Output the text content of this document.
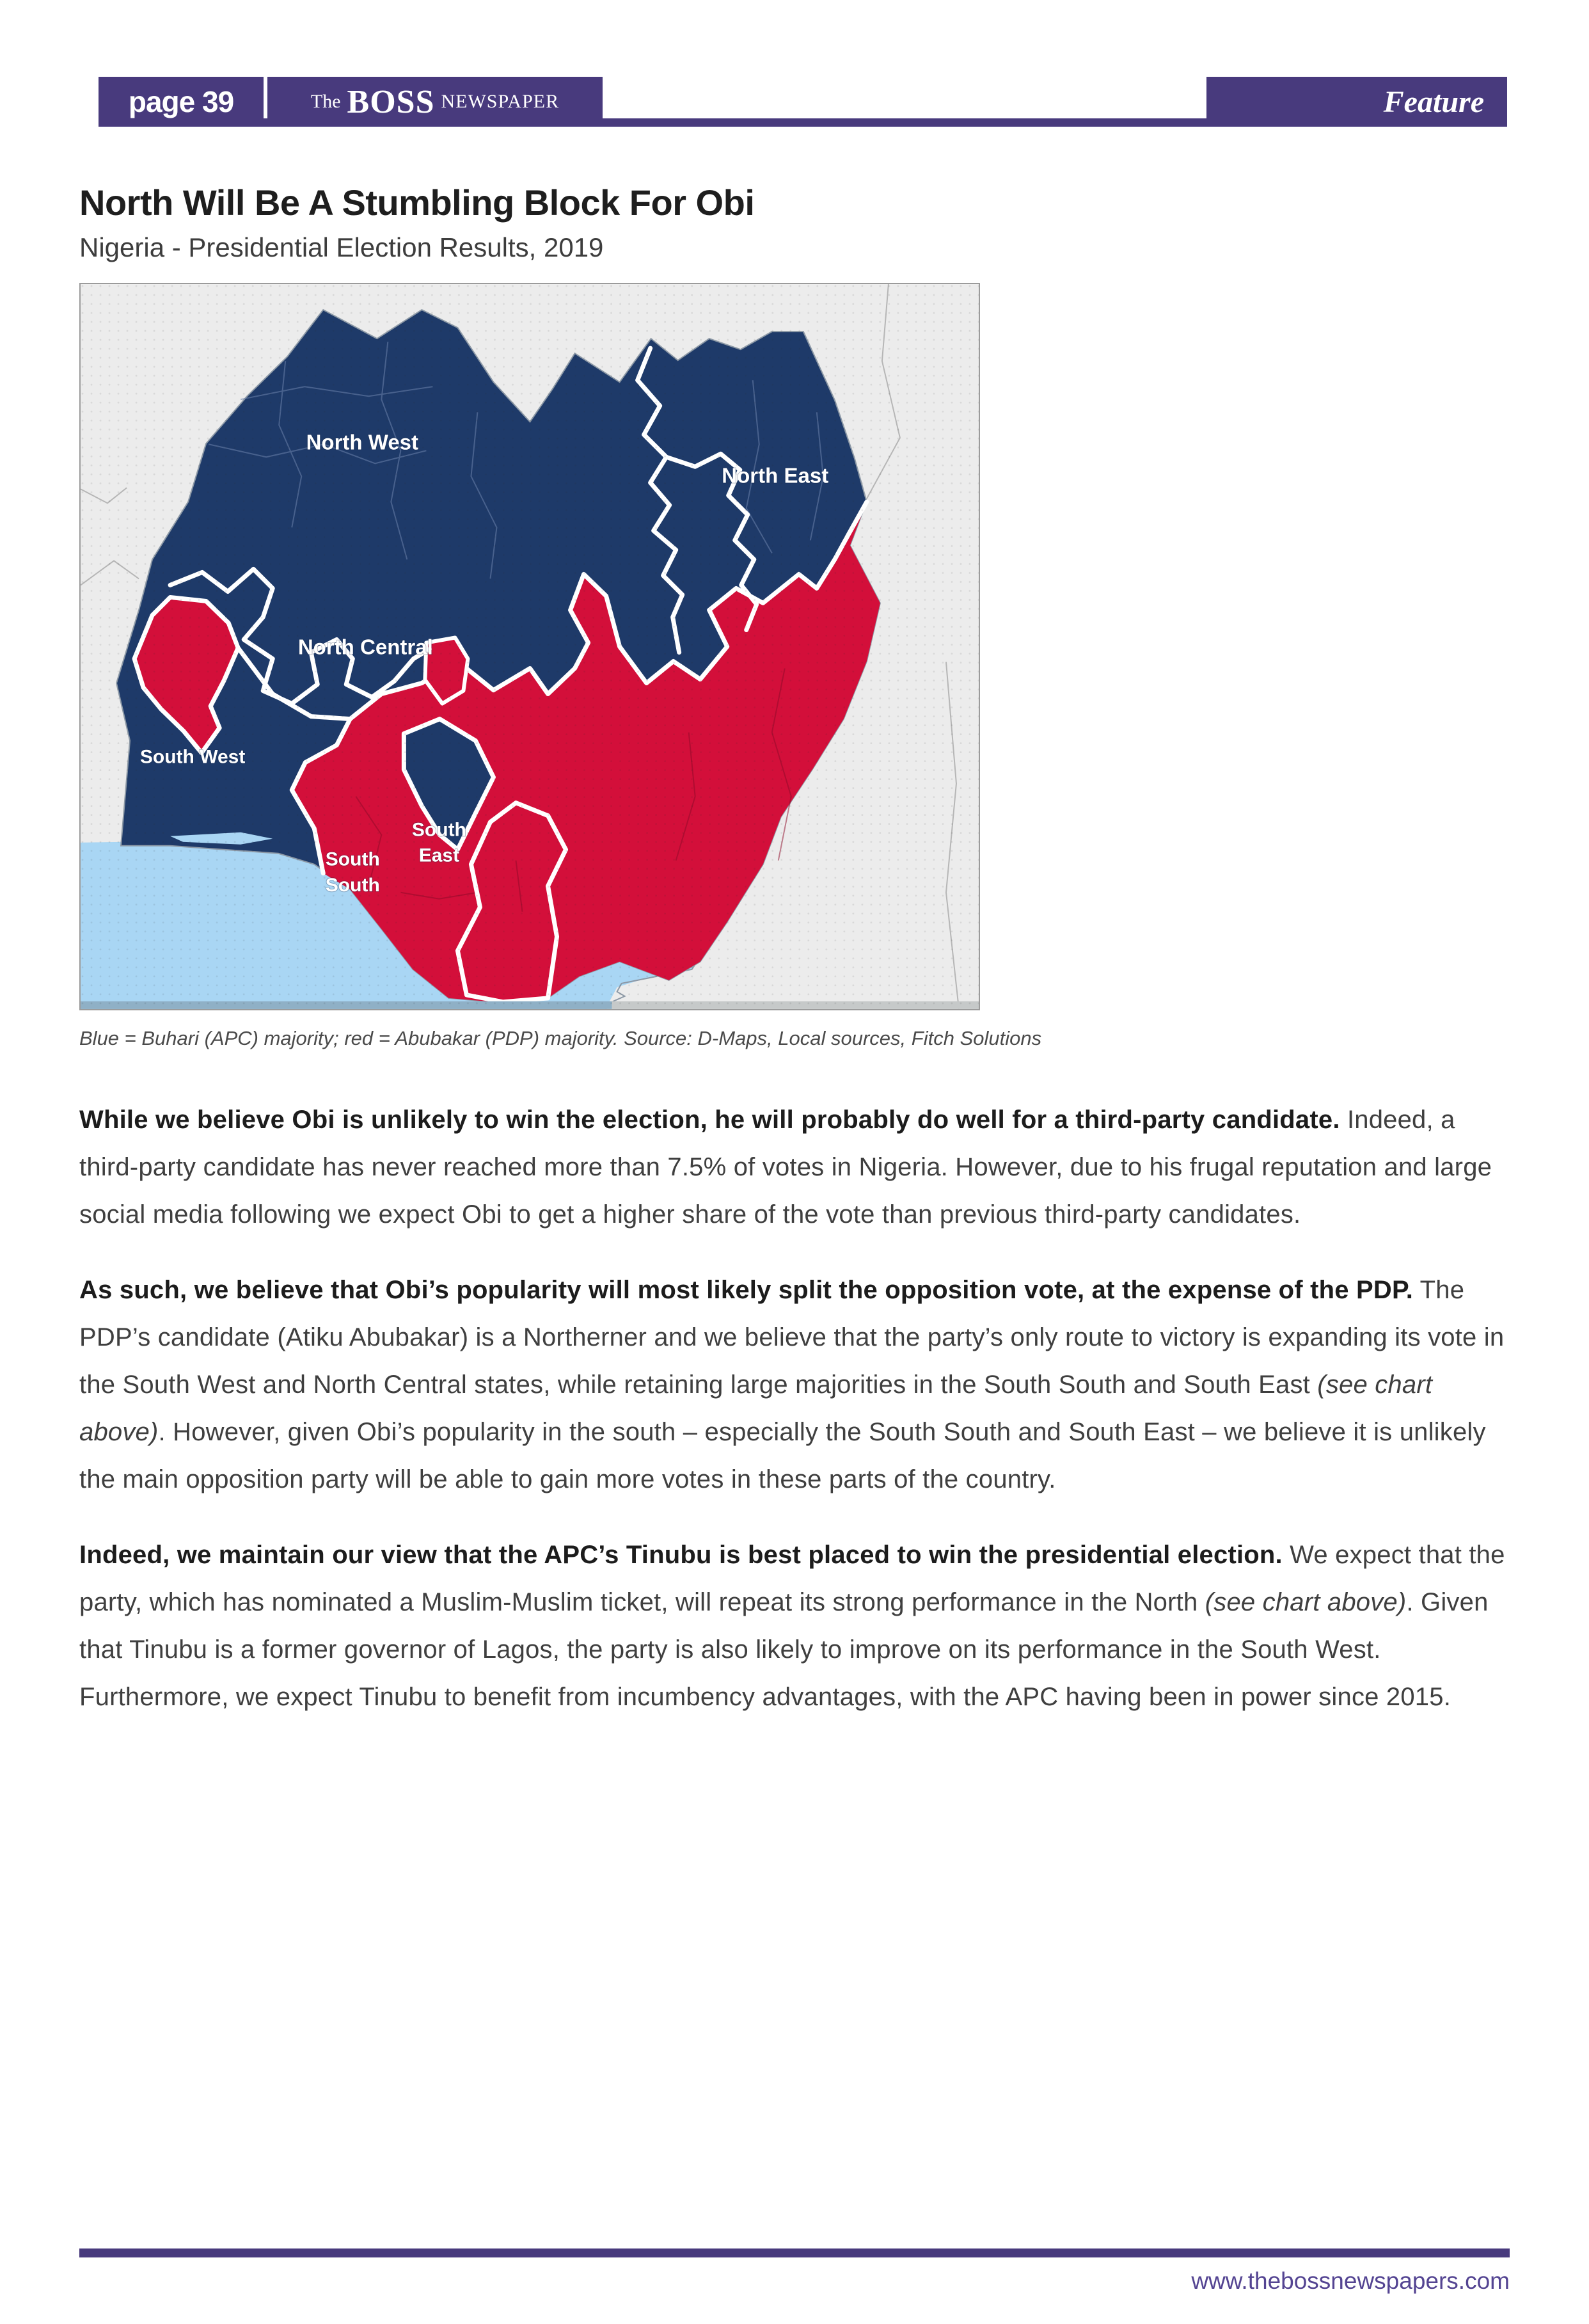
page 39	The BOSS NEWSPAPER	Feature
North Will Be A Stumbling Block For Obi
Nigeria - Presidential Election Results, 2019
North West
North East
North Central
South West
South
South
South
East
Blue = Buhari (APC) majority; red = Abubakar (PDP) majority. Source: D-Maps, Local sources, Fitch Solutions

While we believe Obi is unlikely to win the election, he will probably do well for a third-party candidate. Indeed, a third-party candidate has never reached more than 7.5% of votes in Nigeria. However, due to his frugal reputation and large social media following we expect Obi to get a higher share of the vote than previous third-party candidates.

As such, we believe that Obi’s popularity will most likely split the opposition vote, at the expense of the PDP. The PDP’s candidate (Atiku Abubakar) is a Northerner and we believe that the party’s only route to victory is expanding its vote in the South West and North Central states, while retaining large majorities in the South South and South East (see chart above). However, given Obi’s popularity in the south – especially the South South and South East – we believe it is unlikely the main opposition party will be able to gain more votes in these parts of the country.

Indeed, we maintain our view that the APC’s Tinubu is best placed to win the presidential election. We expect that the party, which has nominated a Muslim-Muslim ticket, will repeat its strong performance in the North (see chart above). Given that Tinubu is a former governor of Lagos, the party is also likely to improve on its performance in the South West. Furthermore, we expect Tinubu to benefit from incumbency advantages, with the APC having been in power since 2015.

www.thebossnewspapers.com
